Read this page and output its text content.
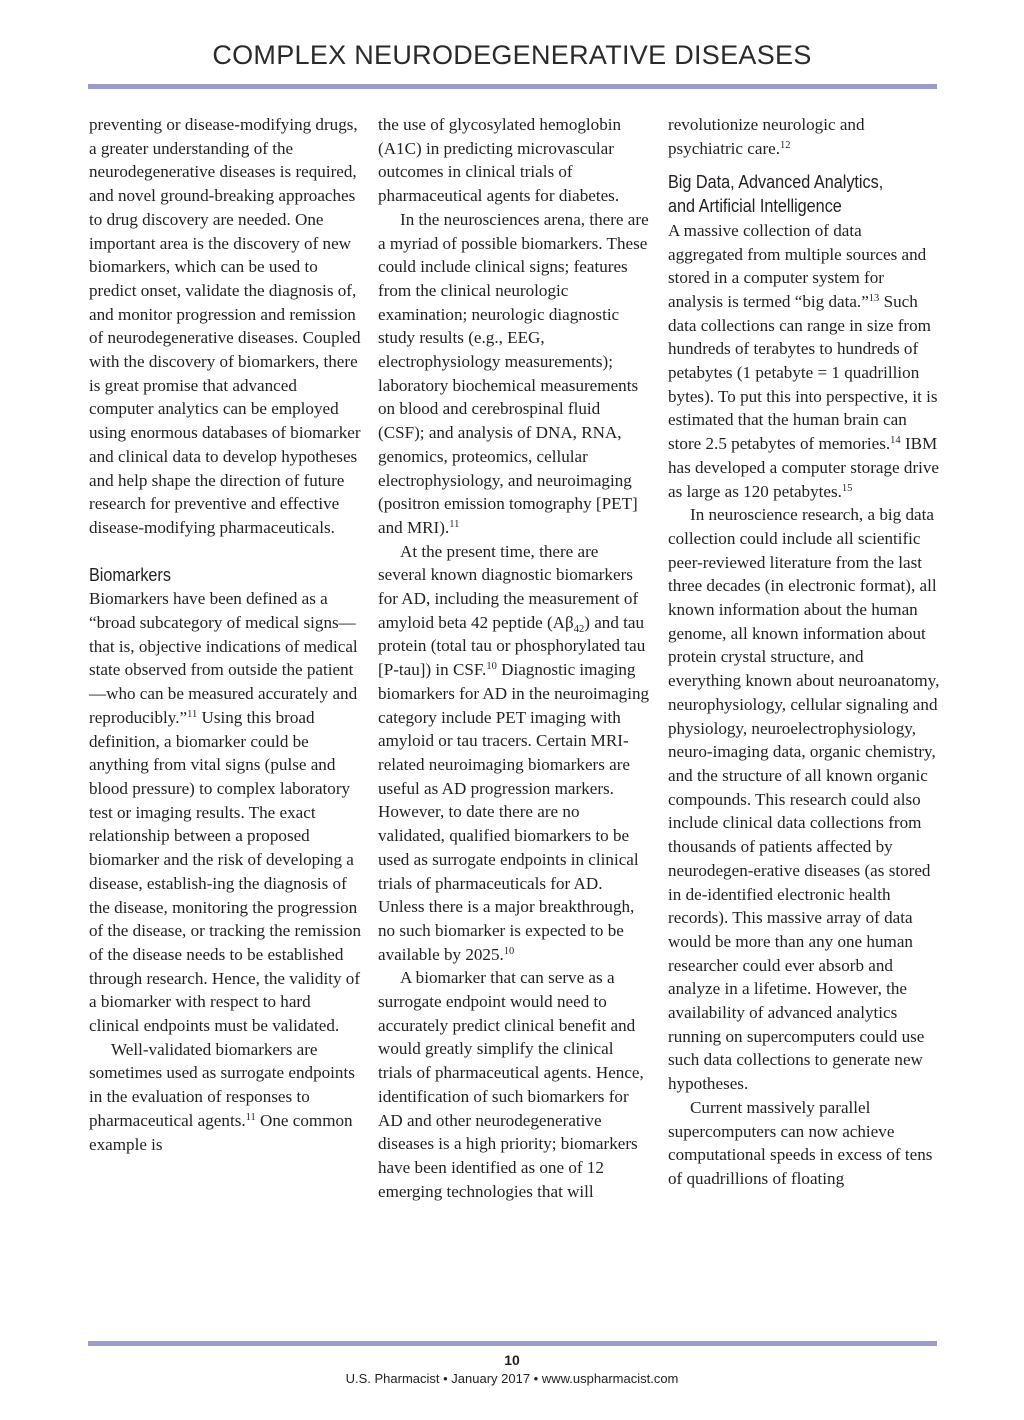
COMPLEX NEURODEGENERATIVE DISEASES

preventing or disease-modifying drugs, a greater understanding of the neurodegenerative diseases is required, and novel ground-breaking approaches to drug discovery are needed. One important area is the discovery of new biomarkers, which can be used to predict onset, validate the diagnosis of, and monitor progression and remission of neurodegenerative diseases. Coupled with the discovery of biomarkers, there is great promise that advanced computer analytics can be employed using enormous databases of biomarker and clinical data to develop hypotheses and help shape the direction of future research for preventive and effective disease-modifying pharmaceuticals.

Biomarkers

Biomarkers have been defined as a “broad subcategory of medical signs—that is, objective indications of medical state observed from outside the patient—who can be measured accurately and reproducibly.”$^{11}$ Using this broad definition, a biomarker could be anything from vital signs (pulse and blood pressure) to complex laboratory test or imaging results. The exact relationship between a proposed biomarker and the risk of developing a disease, establish-ing the diagnosis of the disease, monitoring the progression of the disease, or tracking the remission of the disease needs to be established through research. Hence, the validity of a biomarker with respect to hard clinical endpoints must be validated.

Well-validated biomarkers are sometimes used as surrogate endpoints in the evaluation of responses to pharmaceutical agents.$^{11}$ One common example is

the use of glycosylated hemoglobin (A1C) in predicting microvascular outcomes in clinical trials of pharmaceutical agents for diabetes.

In the neurosciences arena, there are a myriad of possible biomarkers. These could include clinical signs; features from the clinical neurologic examination; neurologic diagnostic study results (e.g., EEG, electrophysiology measurements); laboratory biochemical measurements on blood and cerebrospinal fluid (CSF); and analysis of DNA, RNA, genomics, proteomics, cellular electrophysiology, and neuroimaging (positron emission tomography [PET] and MRI).$^{11}$

At the present time, there are several known diagnostic biomarkers for AD, including the measurement of amyloid beta 42 peptide $(A\beta_{42})$ and tau protein (total tau or phosphorylated tau [P-tau]) in CSF.$^{10}$ Diagnostic imaging biomarkers for AD in the neuroimaging category include PET imaging with amyloid or tau tracers. Certain MRI-related neuroimaging biomarkers are useful as AD progression markers. However, to date there are no validated, qualified biomarkers to be used as surrogate endpoints in clinical trials of pharmaceuticals for AD. Unless there is a major breakthrough, no such biomarker is expected to be available by 2025.10

A biomarker that can serve as a surrogate endpoint would need to accurately predict clinical benefit and would greatly simplify the clinical trials of pharmaceutical agents. Hence, identification of such biomarkers for AD and other neurodegenerative diseases is a high priority; biomarkers have been identified as one of 12 emerging technologies that will

revolutionize neurologic and psychiatric care.$^{12}$

Big Data, Advanced Analytics,
and Artificial Intelligence

A massive collection of data aggregated from multiple sources and stored in a computer system for analysis is termed “big data.”$^{13}$ Such data collections can range in size from hundreds of terabytes to hundreds of petabytes (1 petabyte = 1 quadrillion bytes). To put this into perspective, it is estimated that the human brain can store 2.5 petabytes of memories.$^{14}$ IBM has developed a computer storage drive as large as 120 petabytes.$^{15}$

In neuroscience research, a big data collection could include all scientific peer-reviewed literature from the last three decades (in electronic format), all known information about the human genome, all known information about protein crystal structure, and everything known about neuroanatomy, neurophysiology, cellular signaling and physiology, neuroelectrophysiology, neuro-imaging data, organic chemistry, and the structure of all known organic compounds. This research could also include clinical data collections from thousands of patients affected by neurodegen-erative diseases (as stored in de-identified electronic health records). This massive array of data would be more than any one human researcher could ever absorb and analyze in a lifetime. However, the availability of advanced analytics running on supercomputers could use such data collections to generate new hypotheses.

Current massively parallel supercomputers can now achieve computational speeds in excess of tens of quadrillions of floating

10
U.S. Pharmacist • January 2017 • www.uspharmacist.com
